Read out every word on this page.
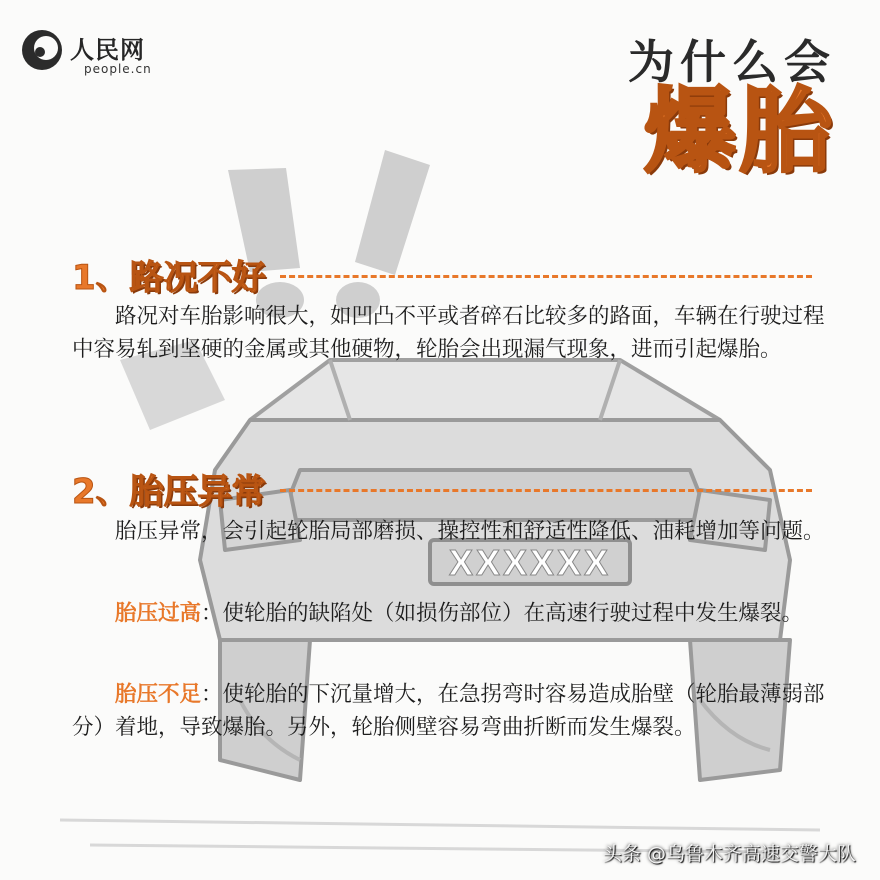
XXXXXX
人民网
people.cn	为什么会
爆胎
1、 路况不好

路况对车胎影响很大，如凹凸不平或者碎石比较多的路面，车辆在行驶过程中容易轧到坚硬的金属或其他硬物，轮胎会出现漏气现象，进而引起爆胎。

2、 胎压异常

胎压异常，会引起轮胎局部磨损、操控性和舒适性降低、油耗增加等问题。

胎压过高：使轮胎的缺陷处（如损伤部位）在高速行驶过程中发生爆裂。

胎压不足：使轮胎的下沉量增大，在急拐弯时容易造成胎壁（轮胎最薄弱部分）着地，导致爆胎。另外，轮胎侧壁容易弯曲折断而发生爆裂。

头条 @乌鲁木齐高速交警大队
